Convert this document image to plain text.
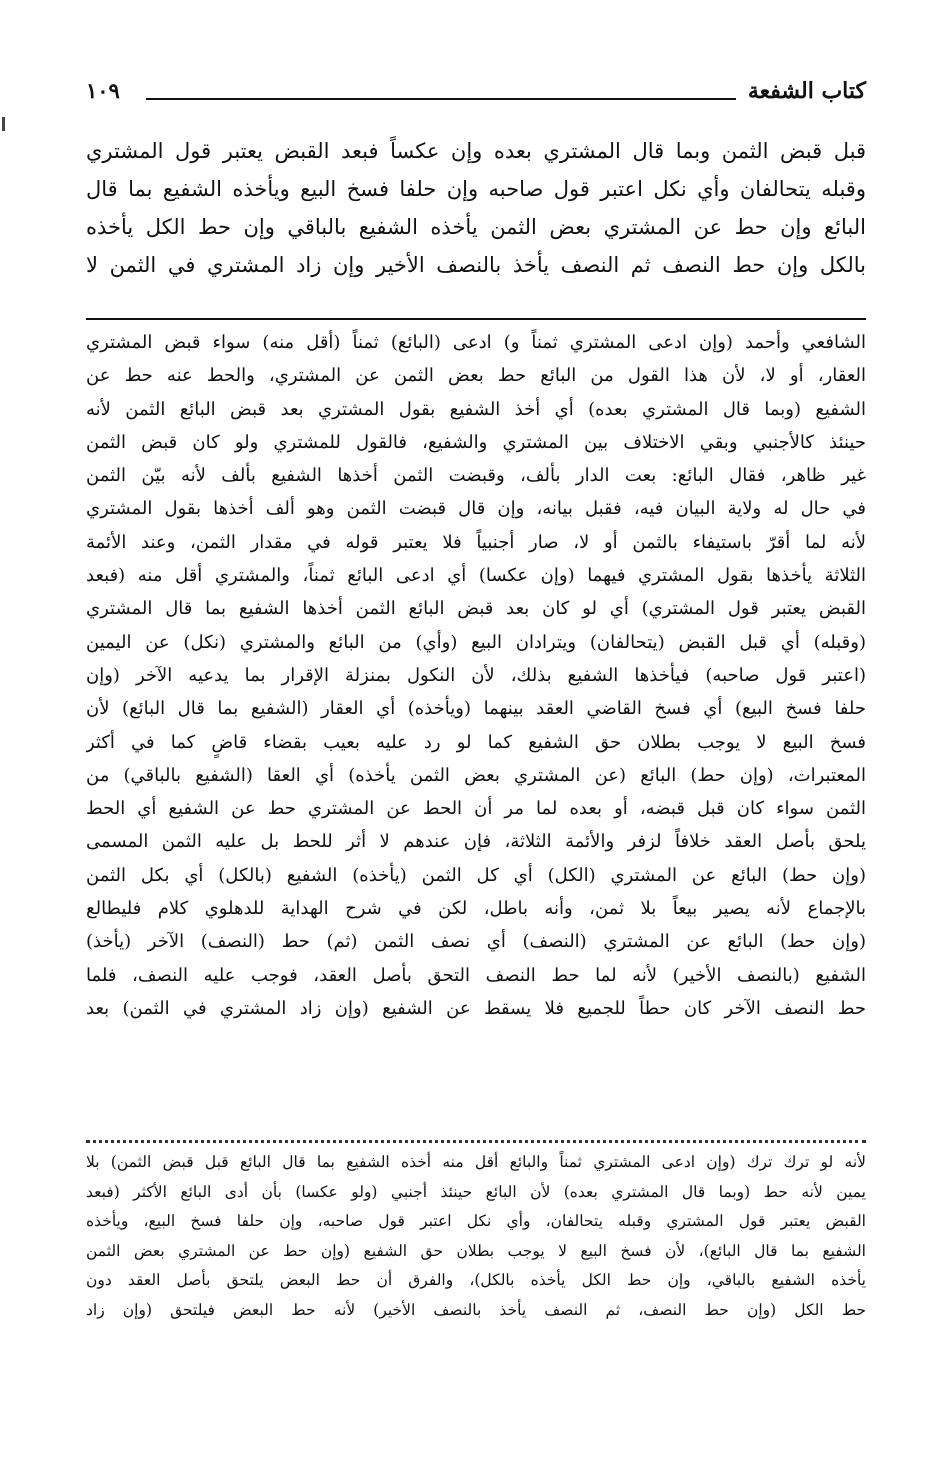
كتاب الشفعة
١٠٩
قبل قبض الثمن وبما قال المشتري بعده وإن عكساً فبعد القبض يعتبر قول المشتري
وقبله يتحالفان وأي نكل اعتبر قول صاحبه وإن حلفا فسخ البيع ويأخذه الشفيع بما قال
البائع وإن حط عن المشتري بعض الثمن يأخذه الشفيع بالباقي وإن حط الكل يأخذه
بالكل وإن حط النصف ثم النصف يأخذ بالنصف الأخير وإن زاد المشتري في الثمن لا
الشافعي وأحمد (وإن ادعى المشتري ثمناً و) ادعى (البائع) ثمناً (أقل منه) سواء قبض المشتري
العقار، أو لا، لأن هذا القول من البائع حط بعض الثمن عن المشتري، والحط عنه حط عن
الشفيع (وبما قال المشتري بعده) أي أخذ الشفيع بقول المشتري بعد قبض البائع الثمن لأنه
حينئذ كالأجنبي وبقي الاختلاف بين المشتري والشفيع، فالقول للمشتري ولو كان قبض الثمن
غير ظاهر، فقال البائع: بعت الدار بألف، وقبضت الثمن أخذها الشفيع بألف لأنه بيّن الثمن
في حال له ولاية البيان فيه، فقبل بيانه، وإن قال قبضت الثمن وهو ألف أخذها بقول المشتري
لأنه لما أقرّ باستيفاء بالثمن أو لا، صار أجنبياً فلا يعتبر قوله في مقدار الثمن، وعند الأئمة
الثلاثة يأخذها بقول المشتري فيهما (وإن عكسا) أي ادعى البائع ثمناً، والمشتري أقل منه (فبعد
القبض يعتبر قول المشتري) أي لو كان بعد قبض البائع الثمن أخذها الشفيع بما قال المشتري
(وقبله) أي قبل القبض (يتحالفان) ويترادان البيع (وأي) من البائع والمشتري (نكل) عن اليمين
(اعتبر قول صاحبه) فيأخذها الشفيع بذلك، لأن النكول بمنزلة الإقرار بما يدعيه الآخر (وإن
حلفا فسخ البيع) أي فسخ القاضي العقد بينهما (ويأخذه) أي العقار (الشفيع بما قال البائع) لأن
فسخ البيع لا يوجب بطلان حق الشفيع كما لو رد عليه بعيب بقضاء قاضٍ كما في أكثر
المعتبرات، (وإن حط) البائع (عن المشتري بعض الثمن يأخذه) أي العقا (الشفيع بالباقي) من
الثمن سواء كان قبل قبضه، أو بعده لما مر أن الحط عن المشتري حط عن الشفيع أي الحط
يلحق بأصل العقد خلافاً لزفر والأئمة الثلاثة، فإن عندهم لا أثر للحط بل عليه الثمن المسمى
(وإن حط) البائع عن المشتري (الكل) أي كل الثمن (يأخذه) الشفيع (بالكل) أي بكل الثمن
بالإجماع لأنه يصير بيعاً بلا ثمن، وأنه باطل، لكن في شرح الهداية للدهلوي كلام فليطالع
(وإن حط) البائع عن المشتري (النصف) أي نصف الثمن (ثم) حط (النصف) الآخر (يأخذ)
الشفيع (بالنصف الأخير) لأنه لما حط النصف التحق بأصل العقد، فوجب عليه النصف، فلما
حط النصف الآخر كان حطاً للجميع فلا يسقط عن الشفيع (وإن زاد المشتري في الثمن) بعد
لأنه لو ترك ترك (وإن ادعى المشتري ثمناً والبائع أقل منه أخذه الشفيع بما قال البائع قبل قبض الثمن) بلا
يمين لأنه حط (وبما قال المشتري بعده) لأن البائع حينئذ أجنبي (ولو عكسا) بأن أدى البائع الأكثر (فبعد
القبض يعتبر قول المشتري وقبله يتحالفان، وأي نكل اعتبر قول صاحبه، وإن حلفا فسخ البيع، ويأخذه
الشفيع بما قال البائع)، لأن فسخ البيع لا يوجب بطلان حق الشفيع (وإن حط عن المشتري بعض الثمن
يأخذه الشفيع بالباقي، وإن حط الكل يأخذه بالكل)، والفرق أن حط البعض يلتحق بأصل العقد دون
حط الكل (وإن حط النصف، ثم النصف يأخذ بالنصف الأخير) لأنه حط البعض فيلتحق (وإن زاد
